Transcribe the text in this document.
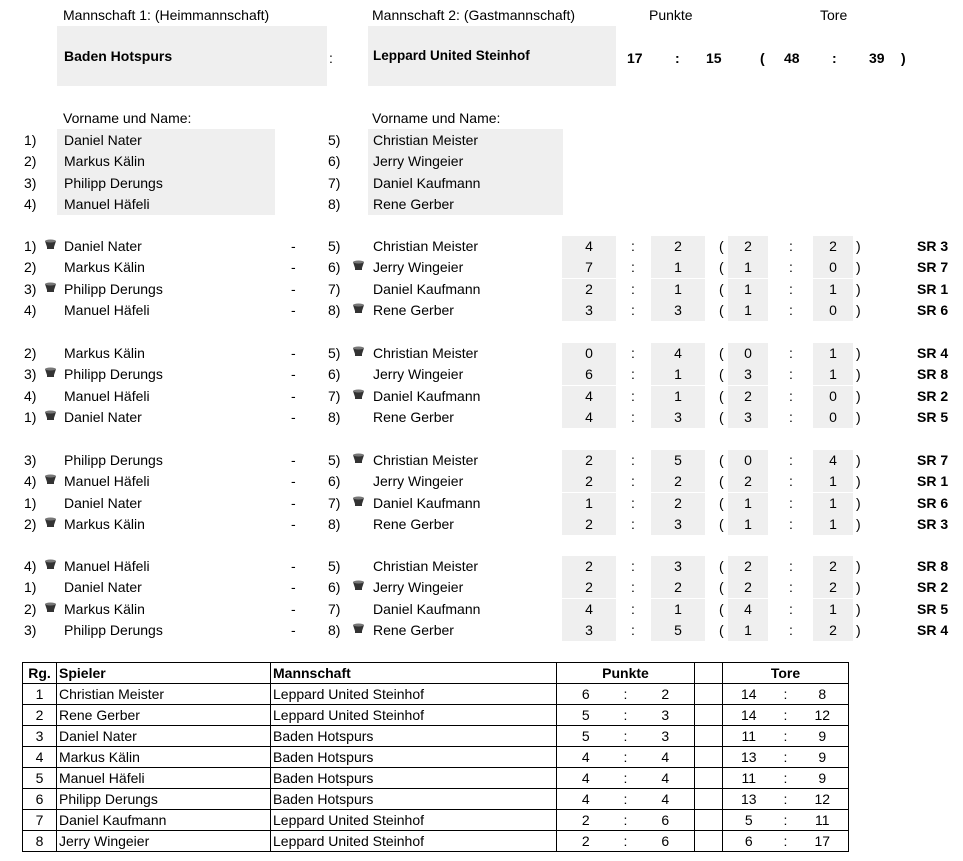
Mannschaft 1: (Heimmannschaft)	Mannschaft 2: (Gastmannschaft)	Punkte	Tore
Baden Hotspurs	:	Leppard United Steinhof	17 : 15	( 48 : 39 )
Vorname und Name:	Vorname und Name:
1) Daniel Nater
2) Markus Kälin
3) Philipp Derungs
4) Manuel Häfeli
5) Christian Meister
6) Jerry Wingeier
7) Daniel Kaufmann
8) Rene Gerber
1) Daniel Nater	- 5) Christian Meister	4	:	2	(	2	:	2	)	SR 3
2) Markus Kälin	- 6) Jerry Wingeier	7	:	1	(	1	:	0	)	SR 7
3) Philipp Derungs	- 7) Daniel Kaufmann	2	:	1	(	1	:	1	)	SR 1
4) Manuel Häfeli	- 8) Rene Gerber	3	:	3	(	1	:	0	)	SR 6
2) Markus Kälin	- 5) Christian Meister	0	:	4	(	0	:	1	)	SR 4
3) Philipp Derungs	- 6) Jerry Wingeier	6	:	1	(	3	:	1	)	SR 8
4) Manuel Häfeli	- 7) Daniel Kaufmann	4	:	1	(	2	:	0	)	SR 2
1) Daniel Nater	- 8) Rene Gerber	4	:	3	(	3	:	0	)	SR 5
3) Philipp Derungs	- 5) Christian Meister	2	:	5	(	0	:	4	)	SR 7
4) Manuel Häfeli	- 6) Jerry Wingeier	2	:	2	(	2	:	1	)	SR 1
1) Daniel Nater	- 7) Daniel Kaufmann	1	:	2	(	1	:	1	)	SR 6
2) Markus Kälin	- 8) Rene Gerber	2	:	3	(	1	:	1	)	SR 3
4) Manuel Häfeli	- 5) Christian Meister	2	:	3	(	2	:	2	)	SR 8
1) Daniel Nater	- 6) Jerry Wingeier	2	:	2	(	2	:	2	)	SR 2
2) Markus Kälin	- 7) Daniel Kaufmann	4	:	1	(	4	:	1	)	SR 5
3) Philipp Derungs	- 8) Rene Gerber	3	:	5	(	1	:	2	)	SR 4
Rg.	Spieler	Mannschaft	Punkte				Tore		
1	Christian Meister	Leppard United Steinhof	6	:	2		14	:	8
2	Rene Gerber	Leppard United Steinhof	5	:	3		14	:	12
3	Daniel Nater	Baden Hotspurs	5	:	3		11	:	9
4	Markus Kälin	Baden Hotspurs	4	:	4		13	:	9
5	Manuel Häfeli	Baden Hotspurs	4	:	4		11	:	9
6	Philipp Derungs	Baden Hotspurs	4	:	4		13	:	12
7	Daniel Kaufmann	Leppard United Steinhof	2	:	6		5	:	11
8	Jerry Wingeier	Leppard United Steinhof	2	:	6		6	:	17
